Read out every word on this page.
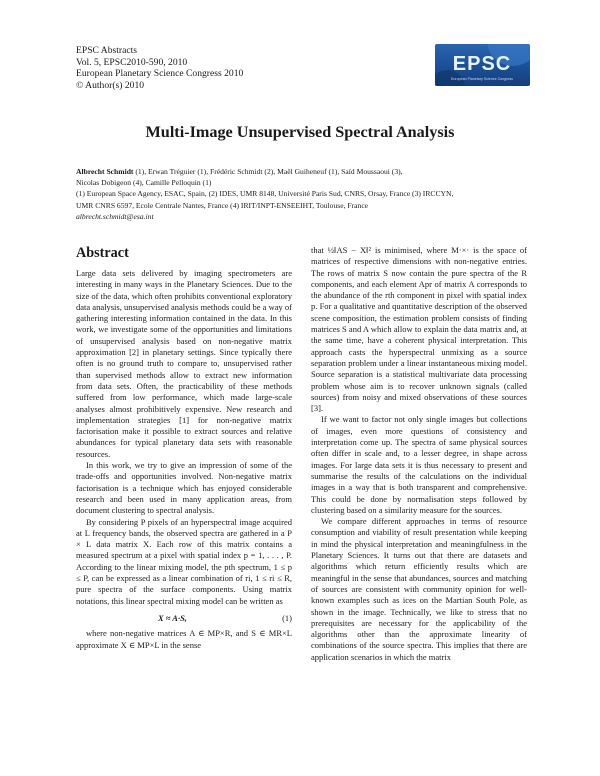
EPSC Abstracts
Vol. 5, EPSC2010-590, 2010
European Planetary Science Congress 2010
© Author(s) 2010
EPSC
European Planetary Science Congress
Multi-Image Unsupervised Spectral Analysis
Albrecht Schmidt (1), Erwan Tréguier (1), Frédéric Schmidt (2), Maël Guiheneuf (1), Saïd Moussaoui (3),
Nicolas Dobigeon (4), Camille Pelloquin (1)
(1) European Space Agency, ESAC, Spain, (2) IDES, UMR 8148, Université Paris Sud, CNRS, Orsay, France (3) IRCCYN,
UMR CNRS 6597, Ecole Centrale Nantes, France (4) IRIT/INPT-ENSEEIHT, Toulouse, France
albrecht.schmidt@esa.int
Abstract

Large data sets delivered by imaging spectrometers are interesting in many ways in the Planetary Sciences. Due to the size of the data, which often prohibits conventional exploratory data analysis, unsupervised analysis methods could be a way of gathering interesting information contained in the data. In this work, we investigate some of the opportunities and limitations of unsupervised analysis based on non-negative matrix approximation [2] in planetary settings. Since typically there often is no ground truth to compare to, unsupervised rather than supervised methods allow to extract new information from data sets. Often, the practicability of these methods suffered from low performance, which made large-scale analyses almost prohibitively expensive. New research and implementation strategies [1] for non-negative matrix factorisation make it possible to extract sources and relative abundances for typical planetary data sets with reasonable resources.

In this work, we try to give an impression of some of the trade-offs and opportunities involved. Non-negative matrix factorisation is a technique which has enjoyed considerable research and been used in many application areas, from document clustering to spectral analysis.

By considering P pixels of an hyperspectral image acquired at L frequency bands, the observed spectra are gathered in a P × L data matrix X. Each row of this matrix contains a measured spectrum at a pixel with spatial index p = 1, . . . , P. According to the linear mixing model, the pth spectrum, 1 ≤ p ≤ P, can be expressed as a linear combination of ri, 1 ≤ ri ≤ R, pure spectra of the surface components. Using matrix notations, this linear spectral mixing model can be written as

X ≈ A·S,	(1)

where non-negative matrices A ∈ MP×R, and S ∈ MR×L approximate X ∈ MP×L in the sense

that ½‖AS − X‖² is minimised, where M·×· is the space of matrices of respective dimensions with non-negative entries. The rows of matrix S now contain the pure spectra of the R components, and each element Apr of matrix A corresponds to the abundance of the rth component in pixel with spatial index p. For a qualitative and quantitative description of the observed scene composition, the estimation problem consists of finding matrices S and A which allow to explain the data matrix and, at the same time, have a coherent physical interpretation. This approach casts the hyperspectral unmixing as a source separation problem under a linear instantaneous mixing model. Source separation is a statistical multivariate data processing problem whose aim is to recover unknown signals (called sources) from noisy and mixed observations of these sources [3].

If we want to factor not only single images but collections of images, even more questions of consistency and interpretation come up. The spectra of same physical sources often differ in scale and, to a lesser degree, in shape across images. For large data sets it is thus necessary to present and summarise the results of the calculations on the individual images in a way that is both transparent and comprehensive. This could be done by normalisation steps followed by clustering based on a similarity measure for the sources.

We compare different approaches in terms of resource consumption and viability of result presentation while keeping in mind the physical interpretation and meaningfulness in the Planetary Sciences. It turns out that there are datasets and algorithms which return efficiently results which are meaningful in the sense that abundances, sources and matching of sources are consistent with community opinion for well-known examples such as ices on the Martian South Pole, as shown in the image. Technically, we like to stress that no prerequisites are necessary for the applicability of the algorithms other than the approximate linearity of combinations of the source spectra. This implies that there are application scenarios in which the matrix
